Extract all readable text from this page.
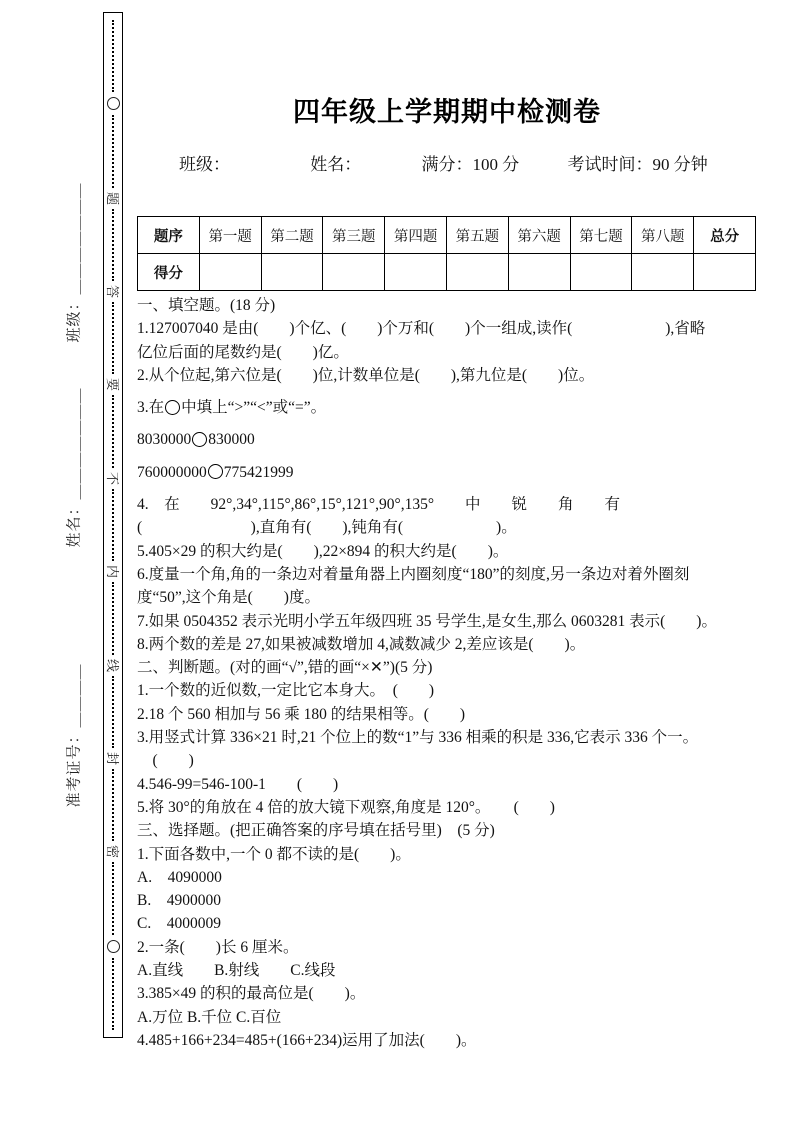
班级：＿＿＿＿＿＿＿
姓名：＿＿＿＿＿＿＿
准考证号：＿＿＿＿
题
答
要
不
内
线
封
密
四年级上学期期中检测卷
班级：	姓名：	满分：100 分	考试时间：90 分钟
题序	第一题	第二题	第三题	第四题	第五题	第六题	第七题	第八题	总分
得分									

一、填空题。(18 分)

1.127007040 是由(　　)个亿、(　　)个万和(　　)个一组成,读作(　　　　　　),省略

亿位后面的尾数约是(　　)亿。

2.从个位起,第六位是(　　)位,计数单位是(　　),第九位是(　　)位。

3.在 中填上“>”“<”或“=”。

8030000 830000

760000000 775421999

4.　在　　92°,34°,115°,86°,15°,121°,90°,135°　　中　　锐　　角　　有

(　　　　　　　),直角有(　　),钝角有(　　　　　　)。

5.405×29 的积大约是(　　),22×894 的积大约是(　　)。

6.度量一个角,角的一条边对着量角器上内圈刻度“180”的刻度,另一条边对着外圈刻

度“50”,这个角是(　　)度。

7.如果 0504352 表示光明小学五年级四班 35 号学生,是女生,那么 0603281 表示(　　)。

8.两个数的差是 27,如果被减数增加 4,减数减少 2,差应该是(　　)。

二、判断题。(对的画“√”,错的画“×✕”)(5 分)

1.一个数的近似数,一定比它本身大。　(　　)

2.18 个 560 相加与 56 乘 180 的结果相等。(　　)

3.用竖式计算 336×21 时,21 个位上的数“1”与 336 相乘的积是 336,它表示 336 个一。

　(　　)

4.546-99=546-100-1　　(　　)

5.将 30°的角放在 4 倍的放大镜下观察,角度是 120°。　　(　　)

三、选择题。(把正确答案的序号填在括号里)　(5 分)

1.下面各数中,一个 0 都不读的是(　　)。

A.　4090000

B.　4900000

C.　4000009

2.一条(　　)长 6 厘米。

A.直线　　B.射线　　C.线段

3.385×49 的积的最高位是(　　)。

A.万位 B.千位 C.百位

4.485+166+234=485+(166+234)运用了加法(　　)。
